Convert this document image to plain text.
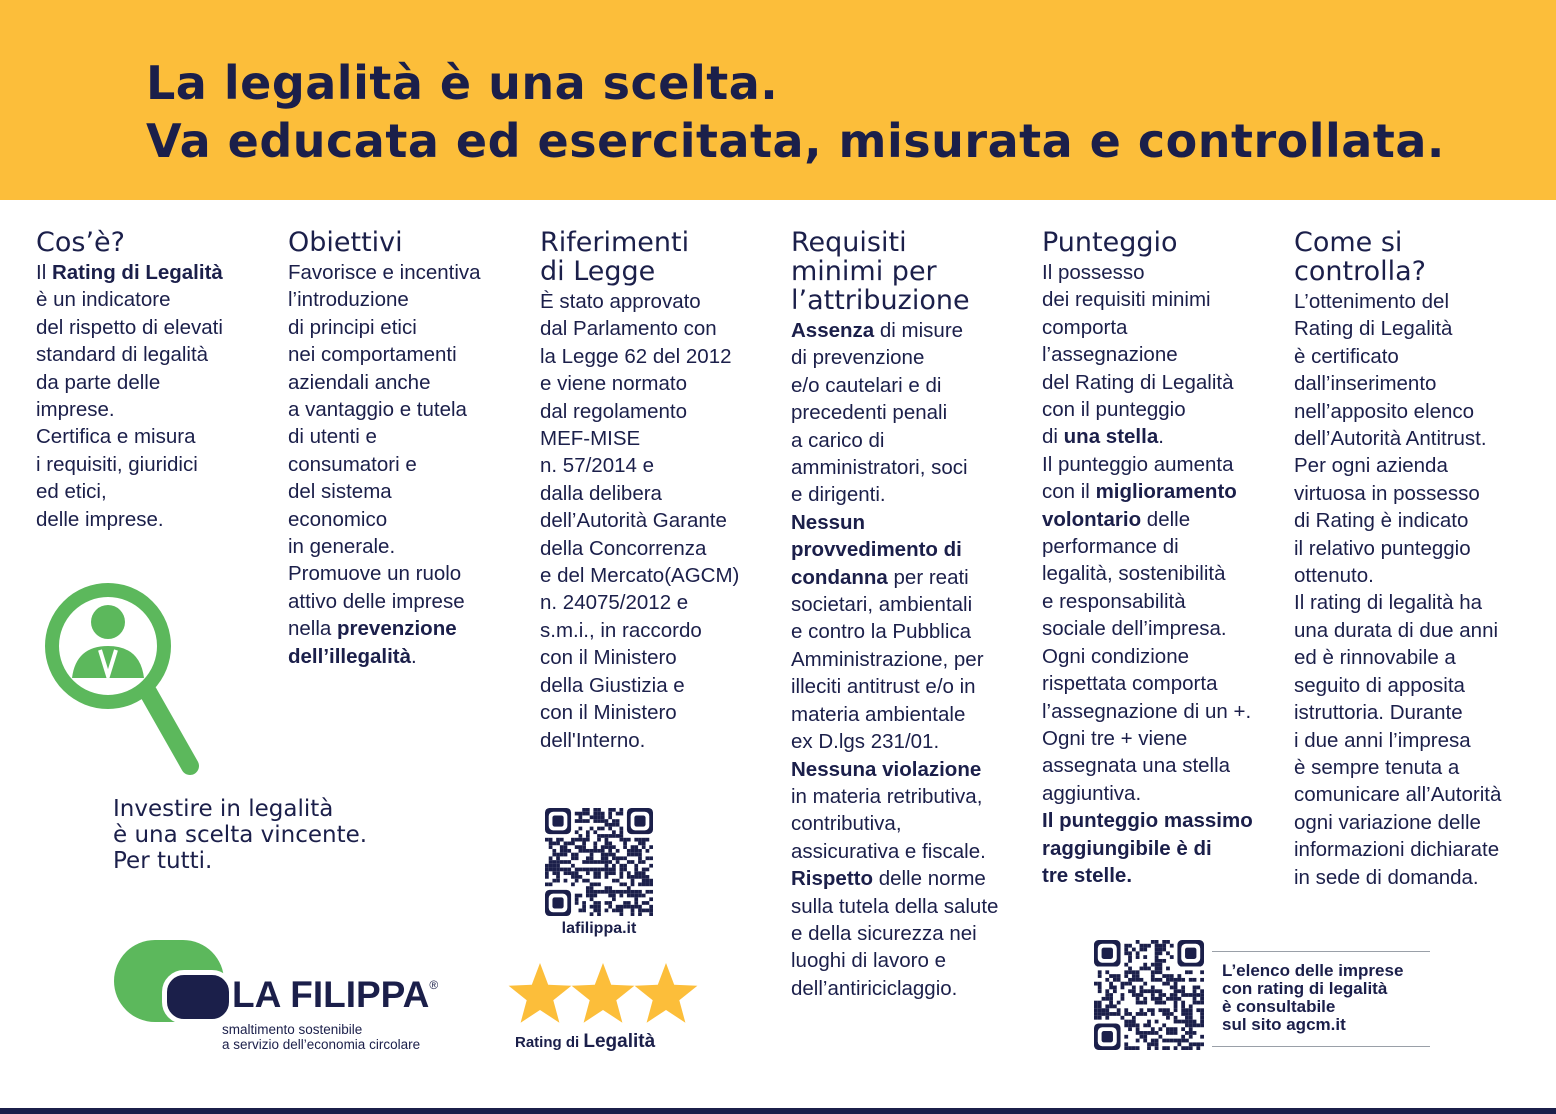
La legalità è una scelta.
Va educata ed esercitata, misurata e controllata.
Cos’è?
Il Rating di Legalità
è un indicatore
del rispetto di elevati
standard di legalità
da parte delle
imprese.
Certifica e misura
i requisiti, giuridici
ed etici,
delle imprese.
Obiettivi
Favorisce e incentiva
l’introduzione
di principi etici
nei comportamenti
aziendali anche
a vantaggio e tutela
di utenti e
consumatori e
del sistema
economico
in generale.
Promuove un ruolo
attivo delle imprese
nella prevenzione
dell’illegalità.
Riferimenti
di Legge
È stato approvato
dal Parlamento con
la Legge 62 del 2012
e viene normato
dal regolamento
MEF-MISE
n. 57/2014 e
dalla delibera
dell’Autorità Garante
della Concorrenza
e del Mercato(AGCM)
n. 24075/2012 e
s.m.i., in raccordo
con il Ministero
della Giustizia e
con il Ministero
dell'Interno.
Requisiti
minimi per
l’attribuzione
Assenza di misure
di prevenzione
e/o cautelari e di
precedenti penali
a carico di
amministratori, soci
e dirigenti.
Nessun
provvedimento di
condanna per reati
societari, ambientali
e contro la Pubblica
Amministrazione, per
illeciti antitrust e/o in
materia ambientale
ex D.lgs 231/01.
Nessuna violazione
in materia retributiva,
contributiva,
assicurativa e fiscale.
Rispetto delle norme
sulla tutela della salute
e della sicurezza nei
luoghi di lavoro e
dell’antiriciclaggio.
Punteggio
Il possesso
dei requisiti minimi
comporta
l’assegnazione
del Rating di Legalità
con il punteggio
di una stella.
Il punteggio aumenta
con il miglioramento
volontario delle
performance di
legalità, sostenibilità
e responsabilità
sociale dell’impresa.
Ogni condizione
rispettata comporta
l’assegnazione di un +.
Ogni tre + viene
assegnata una stella
aggiuntiva.
Il punteggio massimo
raggiungibile è di
tre stelle.
Come si
controlla?
L’ottenimento del
Rating di Legalità
è certificato
dall’inserimento
nell’apposito elenco
dell’Autorità Antitrust.
Per ogni azienda
virtuosa in possesso
di Rating è indicato
il relativo punteggio
ottenuto.
Il rating di legalità ha
una durata di due anni
ed è rinnovabile a
seguito di apposita
istruttoria. Durante
i due anni l’impresa
è sempre tenuta a
comunicare all’Autorità
ogni variazione delle
informazioni dichiarate
in sede di domanda.
Investire in legalità
è una scelta vincente.
Per tutti.
LA FILIPPA®
smaltimento sostenibile
a servizio dell’economia circolare
lafilippa.it
Rating di Legalità
L’elenco delle imprese
con rating di legalità
è consultabile
sul sito agcm.it
